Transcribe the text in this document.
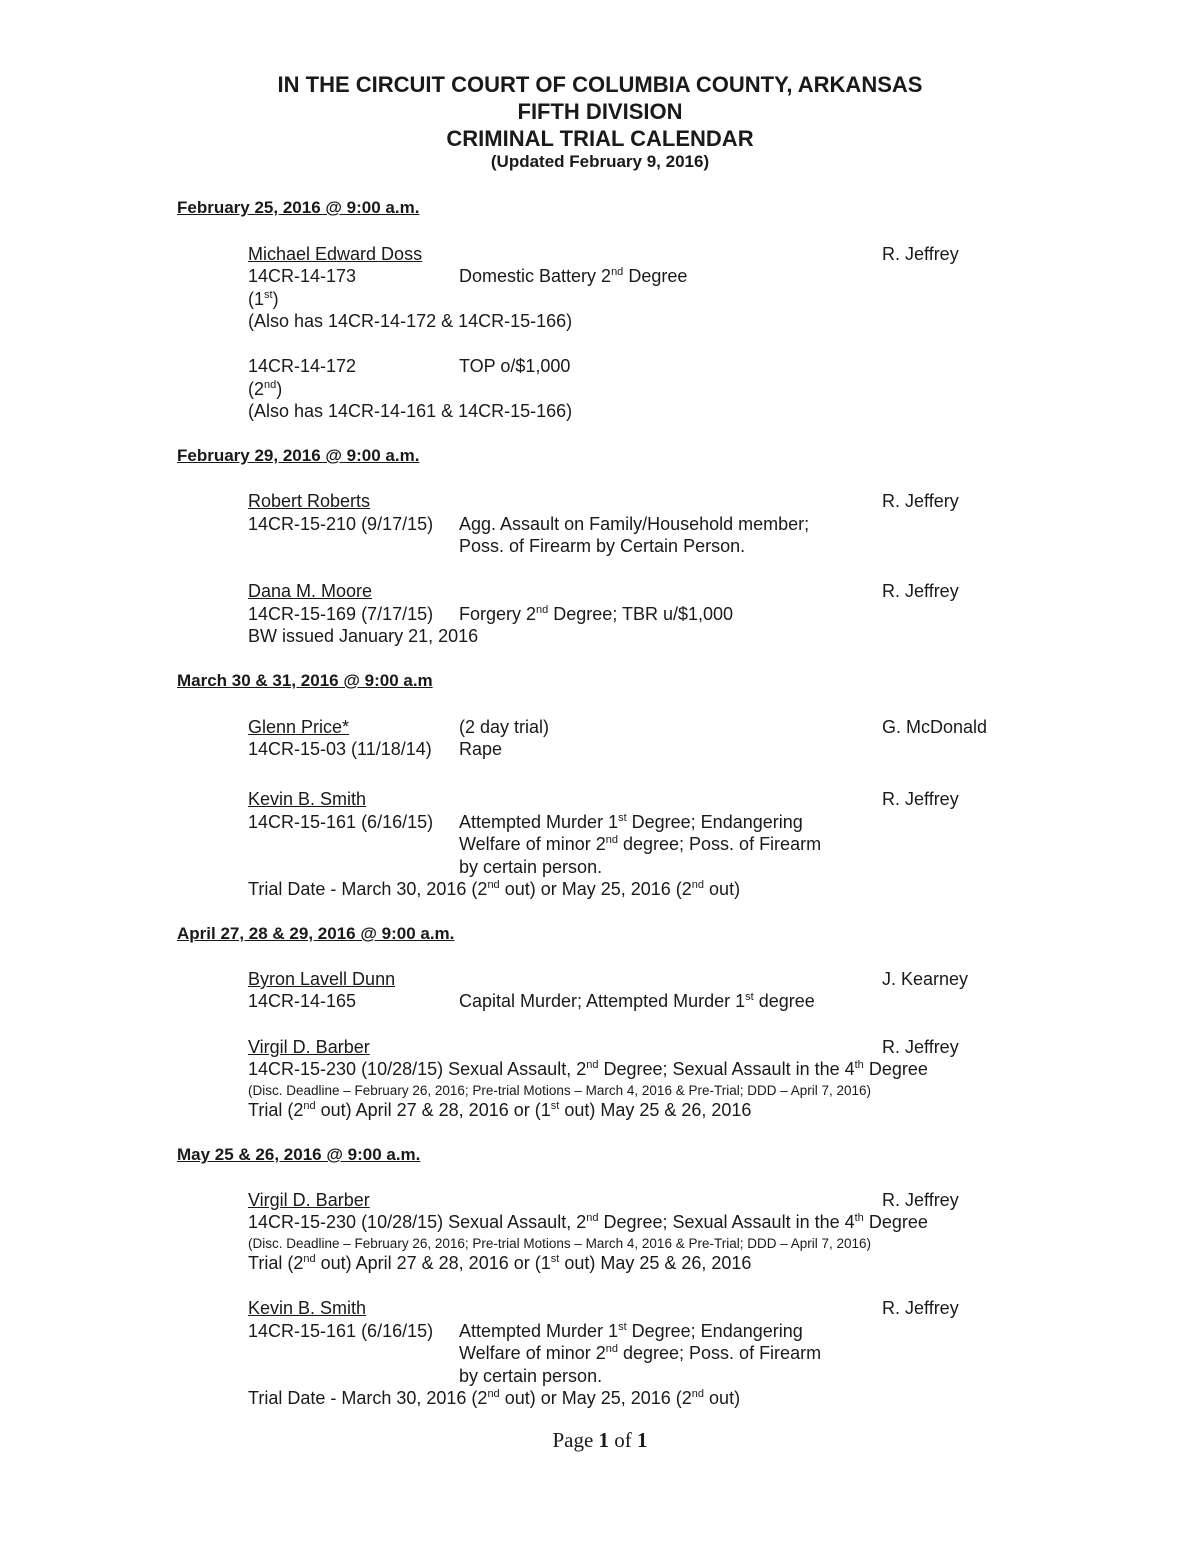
IN THE CIRCUIT COURT OF COLUMBIA COUNTY, ARKANSAS
FIFTH DIVISION
CRIMINAL TRIAL CALENDAR
(Updated February 9, 2016)
February 25, 2016 @ 9:00 a.m.
Michael Edward Doss	R. Jeffrey
14CR-14-173	Domestic Battery 2nd Degree
(1st)
(Also has 14CR-14-172 & 14CR-15-166)
14CR-14-172	TOP o/$1,000
(2nd)
(Also has 14CR-14-161 & 14CR-15-166)
February 29, 2016 @ 9:00 a.m.
Robert Roberts	R. Jeffery
14CR-15-210 (9/17/15) Agg. Assault on Family/Household member;
Poss. of Firearm by Certain Person.
Dana M. Moore	R. Jeffrey
14CR-15-169 (7/17/15) Forgery 2nd Degree; TBR u/$1,000
BW issued January 21, 2016
March 30 & 31, 2016 @ 9:00 a.m
Glenn Price*	(2 day trial)	G. McDonald
14CR-15-03 (11/18/14) Rape
Kevin B. Smith	R. Jeffrey
14CR-15-161 (6/16/15) Attempted Murder 1st Degree; Endangering
Welfare of minor 2nd degree; Poss. of Firearm
by certain person.
Trial Date - March 30, 2016 (2nd out) or May 25, 2016 (2nd out)
April 27, 28 & 29, 2016 @ 9:00 a.m.
Byron Lavell Dunn	J. Kearney
14CR-14-165	Capital Murder; Attempted Murder 1st degree
Virgil D. Barber	R. Jeffrey
14CR-15-230 (10/28/15) Sexual Assault, 2nd Degree; Sexual Assault in the 4th Degree
(Disc. Deadline – February 26, 2016; Pre-trial Motions – March 4, 2016 & Pre-Trial; DDD – April 7, 2016)
Trial (2nd out) April 27 & 28, 2016 or (1st out) May 25 & 26, 2016
May 25 & 26, 2016 @ 9:00 a.m.
Virgil D. Barber	R. Jeffrey
14CR-15-230 (10/28/15) Sexual Assault, 2nd Degree; Sexual Assault in the 4th Degree
(Disc. Deadline – February 26, 2016; Pre-trial Motions – March 4, 2016 & Pre-Trial; DDD – April 7, 2016)
Trial (2nd out) April 27 & 28, 2016 or (1st out) May 25 & 26, 2016
Kevin B. Smith	R. Jeffrey
14CR-15-161 (6/16/15) Attempted Murder 1st Degree; Endangering
Welfare of minor 2nd degree; Poss. of Firearm
by certain person.
Trial Date - March 30, 2016 (2nd out) or May 25, 2016 (2nd out)
Page 1 of 1
